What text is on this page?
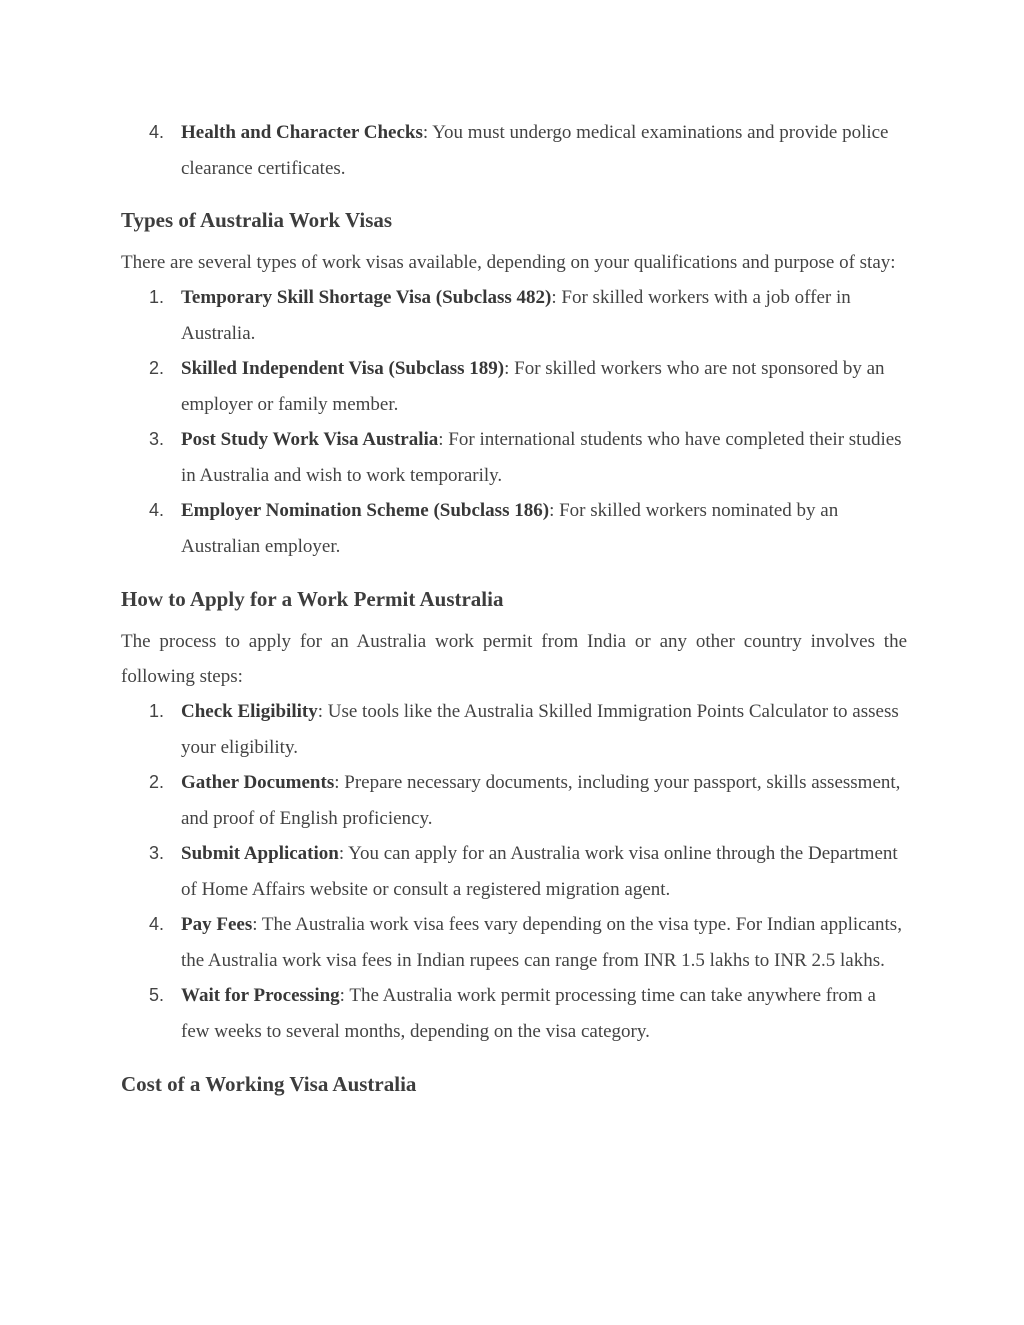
4. Health and Character Checks: You must undergo medical examinations and provide police clearance certificates.
Types of Australia Work Visas

There are several types of work visas available, depending on your qualifications and purpose of stay:

1. Temporary Skill Shortage Visa (Subclass 482): For skilled workers with a job offer in Australia.
2. Skilled Independent Visa (Subclass 189): For skilled workers who are not sponsored by an employer or family member.
3. Post Study Work Visa Australia: For international students who have completed their studies in Australia and wish to work temporarily.
4. Employer Nomination Scheme (Subclass 186): For skilled workers nominated by an Australian employer.
How to Apply for a Work Permit Australia

The process to apply for an Australia work permit from India or any other country involves the following steps:

1. Check Eligibility: Use tools like the Australia Skilled Immigration Points Calculator to assess your eligibility.
2. Gather Documents: Prepare necessary documents, including your passport, skills assessment, and proof of English proficiency.
3. Submit Application: You can apply for an Australia work visa online through the Department of Home Affairs website or consult a registered migration agent.
4. Pay Fees: The Australia work visa fees vary depending on the visa type. For Indian applicants, the Australia work visa fees in Indian rupees can range from INR 1.5 lakhs to INR 2.5 lakhs.
5. Wait for Processing: The Australia work permit processing time can take anywhere from a few weeks to several months, depending on the visa category.
Cost of a Working Visa Australia
